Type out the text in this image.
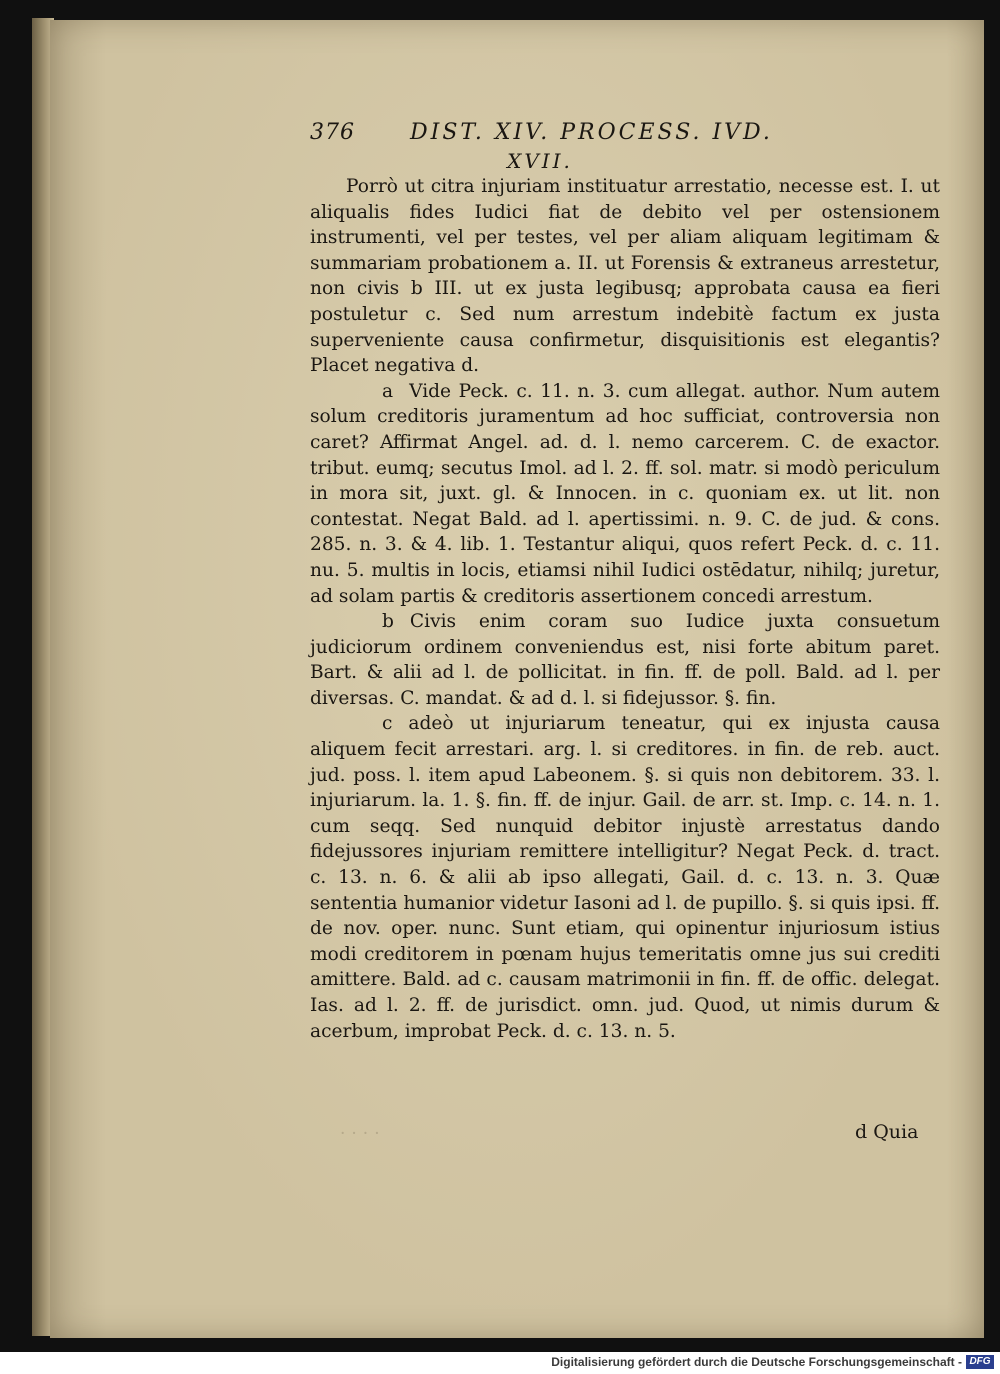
376	DIST. XIV. PROCESS. IVD.
XVII.

Porrò ut citra injuriam instituatur arrestatio, necesse est. I. ut aliqualis fides Iudici fiat de debito vel per ostensionem instrumenti, vel per testes, vel per aliam aliquam legitimam & summariam probationem a. II. ut Forensis & extraneus arrestetur, non civis b III. ut ex justa legibusq; approbata causa ea fieri postuletur c. Sed num arrestum indebitè factum ex justa superveniente causa confirmetur, disquisitionis est elegantis? Placet negativa d.

a Vide Peck. c. 11. n. 3. cum allegat. author. Num autem solum creditoris juramentum ad hoc sufficiat, controversia non caret? Affirmat Angel. ad. d. l. nemo carcerem. C. de exactor. tribut. eumq; secutus Imol. ad l. 2. ff. sol. matr. si modò periculum in mora sit, juxt. gl. & Innocen. in c. quoniam ex. ut lit. non contestat. Negat Bald. ad l. apertissimi. n. 9. C. de jud. & cons. 285. n. 3. & 4. lib. 1. Testantur aliqui, quos refert Peck. d. c. 11. nu. 5. multis in locis, etiamsi nihil Iudici ostēdatur, nihilq; juretur, ad solam partis & creditoris assertionem concedi arrestum.

b Civis enim coram suo Iudice juxta consuetum judiciorum ordinem conveniendus est, nisi forte abitum paret. Bart. & alii ad l. de pollicitat. in fin. ff. de poll. Bald. ad l. per diversas. C. mandat. & ad d. l. si fidejussor. §. fin.

c adeò ut injuriarum teneatur, qui ex injusta causa aliquem fecit arrestari. arg. l. si creditores. in fin. de reb. auct. jud. poss. l. item apud Labeonem. §. si quis non debitorem. 33. l. injuriarum. la. 1. §. fin. ff. de injur. Gail. de arr. st. Imp. c. 14. n. 1. cum seqq. Sed nunquid debitor injustè arrestatus dando fidejussores injuriam remittere intelligitur? Negat Peck. d. tract. c. 13. n. 6. & alii ab ipso allegati, Gail. d. c. 13. n. 3. Quæ sententia humanior videtur Iasoni ad l. de pupillo. §. si quis ipsi. ff. de nov. oper. nunc. Sunt etiam, qui opinentur injuriosum istius modi creditorem in pœnam hujus temeritatis omne jus sui crediti amittere. Bald. ad c. causam matrimonii in fin. ff. de offic. delegat. Ias. ad l. 2. ff. de jurisdict. omn. jud. Quod, ut nimis durum & acerbum, improbat Peck. d. c. 13. n. 5.

····	d Quia
Digitalisierung gefördert durch die Deutsche Forschungsgemeinschaft - DFG
